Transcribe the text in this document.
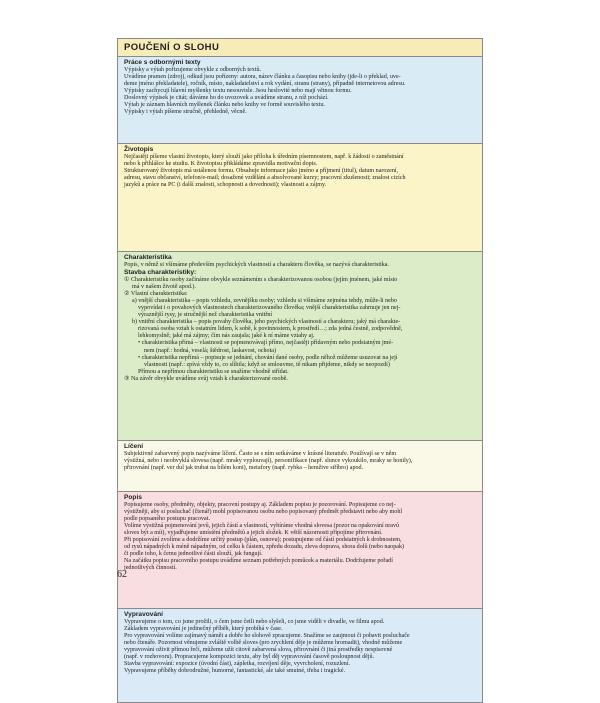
POUČENÍ O SLOHU

Práce s odbornými texty

Výpisky a výtah pořizujeme obvykle z odborných textů.

Uvádíme pramen (zdroj), odkud jsou pořízeny: autora, název článku a časopisu nebo knihy (jde-li o překlad, uve-

deme jméno překladatele), ročník, místo, nakladatelství a rok vydání, stranu (strany), případně internetovou adresu.

Výpisky zachycují hlavní myšlenky textu nesouvisle. Jsou heslovité nebo mají větnou formu.

Doslovný výpisek je citát; dáváme ho do uvozovek a uvádíme stranu, z níž pochází.

Výtah je záznam hlavních myšlenek článku nebo knihy ve formě souvislého textu.

Výpisky i výtah píšeme stručně, přehledně, věcně.

Životopis

Nejčastěji píšeme vlastní životopis, který slouží jako příloha k úředním písemnostem, např. k žádosti o zaměstnání

nebo k přihlášce ke studiu. K životopisu přikládáme zpravidla motivační dopis.

Strukturovaný životopis má ustálenou formu. Obsahuje informace jako jméno a příjmení (titul), datum narození,

adresu, stavu občanství, telefon/e-mail; dosažené vzdělání a absolvované kurzy; pracovní zkušenosti; znalost cizích

jazyků a práce na PC (i další znalosti, schopnosti a dovednosti); vlastnosti a zájmy.

Charakteristika

Popis, v němž si všímáme především psychických vlastností a charakteru člověka, se nazývá charakteristika.

Stavba charakteristiky:

① Charakteristiku osoby začínáme obvykle seznámením s charakterizovanou osobou (jejím jménem, jaké místo

má v našem životě apod.).

② Vlastní charakteristika:

a) vnější charakteristika – popis vzhledu, zevnějšku osoby; vzhledu si všímáme zejména tehdy, může-li nebo

vypovídat i o povahových vlastnostech charakterizovaného člověka; vnější charakteristika zahrnuje jen nej-

výraznější rysy, je stručnější než charakteristika vnitřní

b) vnitřní charakteristika – popis povahy člověka, jeho psychických vlastností a charakteru; jaký má charakte-

rizovaná osoba vztah k ostatním lidem, k sobě, k povinnostem, k prostředí…; zda jedná čestně, zodpovědně,

lehkomyslně; jaké má zájmy; čím nás zaujala; jaké k ní máme vztahy aj.

• charakteristika přímá – vlastnosti se pojmenovávají přímo, nejčastěji přídavným nebo podstatným jmé-

nem (např.: hodná, veselá; štědrost, laskavost, ochota)

• charakteristika nepřímá – popisuje se jednání, chování dané osoby, podle něhož můžeme usuzovat na její

vlastnosti (např.: zpívá vždy to, co slíbila; když se smlouvme, tě nikam přijdeme, nikdy se neopozdí)

Přímou a nepřímou charakteristiku se snažíme vhodně střídat.

③ Na závěr obvykle uvádíme svůj vztah k charakterizované osobě.

Líčení

Subjektivně zabarvený popis nazýváme líčení. Často se s ním setkáváme v krásné literatuře. Používají se v něm

výstižná, nebo i neobvyklá slovesa (např. mraky vyplouvají), personifikace (např. slunce vykoukilo, mraky se honily),

přirovnání (např. ver dul jak trubat na bílém koni), metafory (např. rybka – hemžive stříbro) apod.

Popis

Popisujeme osoby, předměty, objekty, pracovní postupy aj. Základem popisu je pozorování. Popisujeme co nej-

výstižněji, aby si posluchač (čtenář) mohl popisovanou osobu nebo popisovaný předmět představit nebo aby mohl

podle popsaného postupu pracovat.

Volíme výstižná pojmenování jevů, jejich částí a vlastností, vybíráme vhodná slovesa (pozor na opakování nravů

sloves být a mít), vyjadřujeme umístění předmětů a jejich složek. K větší názornosti připojíme přirovnání.

Při popisování zvolíme a dodržíme určitý postup (plán, osnovu); postupujeme od částí podstatných k drobnostem,

od rysů nápadných k méně nápadným, od celku k částem, zpředu dozadu, zleva doprava, shora dolů (nebo naopak)

či podle toho, k čemu jednotlivé části slouží, jak fungují.

Na začátku popisu pracovního postupu uvádíme seznam potřebných pomůcek a materiálu. Dodržujeme pořadí

jednotlivých činností.

Vypravování

Vypravujeme o tom, co jsme prožili, o čem jsme četli nebo slyšeli, co jsme viděli v divadle, ve filmu apod.

Základem vypravování je jedinečný příběh, který probíhá v čase.

Pro vypravování volíme zajímavý námět a dobře ho slohově zpracujeme. Snažíme se zaujmout či pobavit posluchače

nebo čtenáře. Pozornost věnujeme zvláště volbě sloves (pro zrychlení děje je můžeme hromadit), vhodně můžeme

vypravování oživit přímou řečí, můžeme užít citově zabarvená slova, přirovnání či jiná prostředky nespisovné

(např. v rozhovoru). Propracujeme kompozici textu, aby byl děj vypravování časově posloupnost dějů.

Stavba vypravování: expozice (úvodní část), zápletka, rozvíjení děje, vyvrcholení, rozuzlení.

Vypravujeme příběhy dobrodružné, humorné, fantastické, ale také smutné, třeba i tragické.

62
